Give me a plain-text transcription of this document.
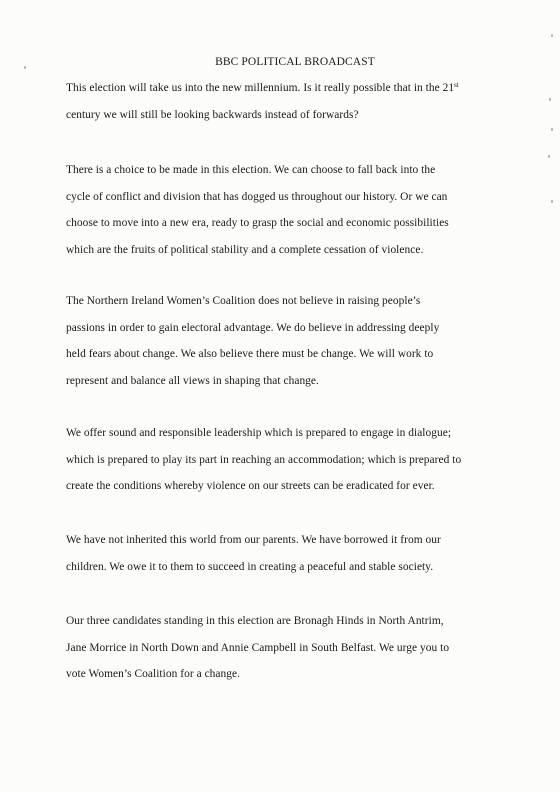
BBC POLITICAL BROADCAST

This election will take us into the new millennium. Is it really possible that in the 21st
century we will still be looking backwards instead of forwards?

There is a choice to be made in this election. We can choose to fall back into the
cycle of conflict and division that has dogged us throughout our history. Or we can
choose to move into a new era, ready to grasp the social and economic possibilities
which are the fruits of political stability and a complete cessation of violence.

The Northern Ireland Women’s Coalition does not believe in raising people’s
passions in order to gain electoral advantage. We do believe in addressing deeply
held fears about change. We also believe there must be change. We will work to
represent and balance all views in shaping that change.

We offer sound and responsible leadership which is prepared to engage in dialogue;
which is prepared to play its part in reaching an accommodation; which is prepared to
create the conditions whereby violence on our streets can be eradicated for ever.

We have not inherited this world from our parents. We have borrowed it from our
children. We owe it to them to succeed in creating a peaceful and stable society.

Our three candidates standing in this election are Bronagh Hinds in North Antrim,
Jane Morrice in North Down and Annie Campbell in South Belfast. We urge you to
vote Women’s Coalition for a change.
